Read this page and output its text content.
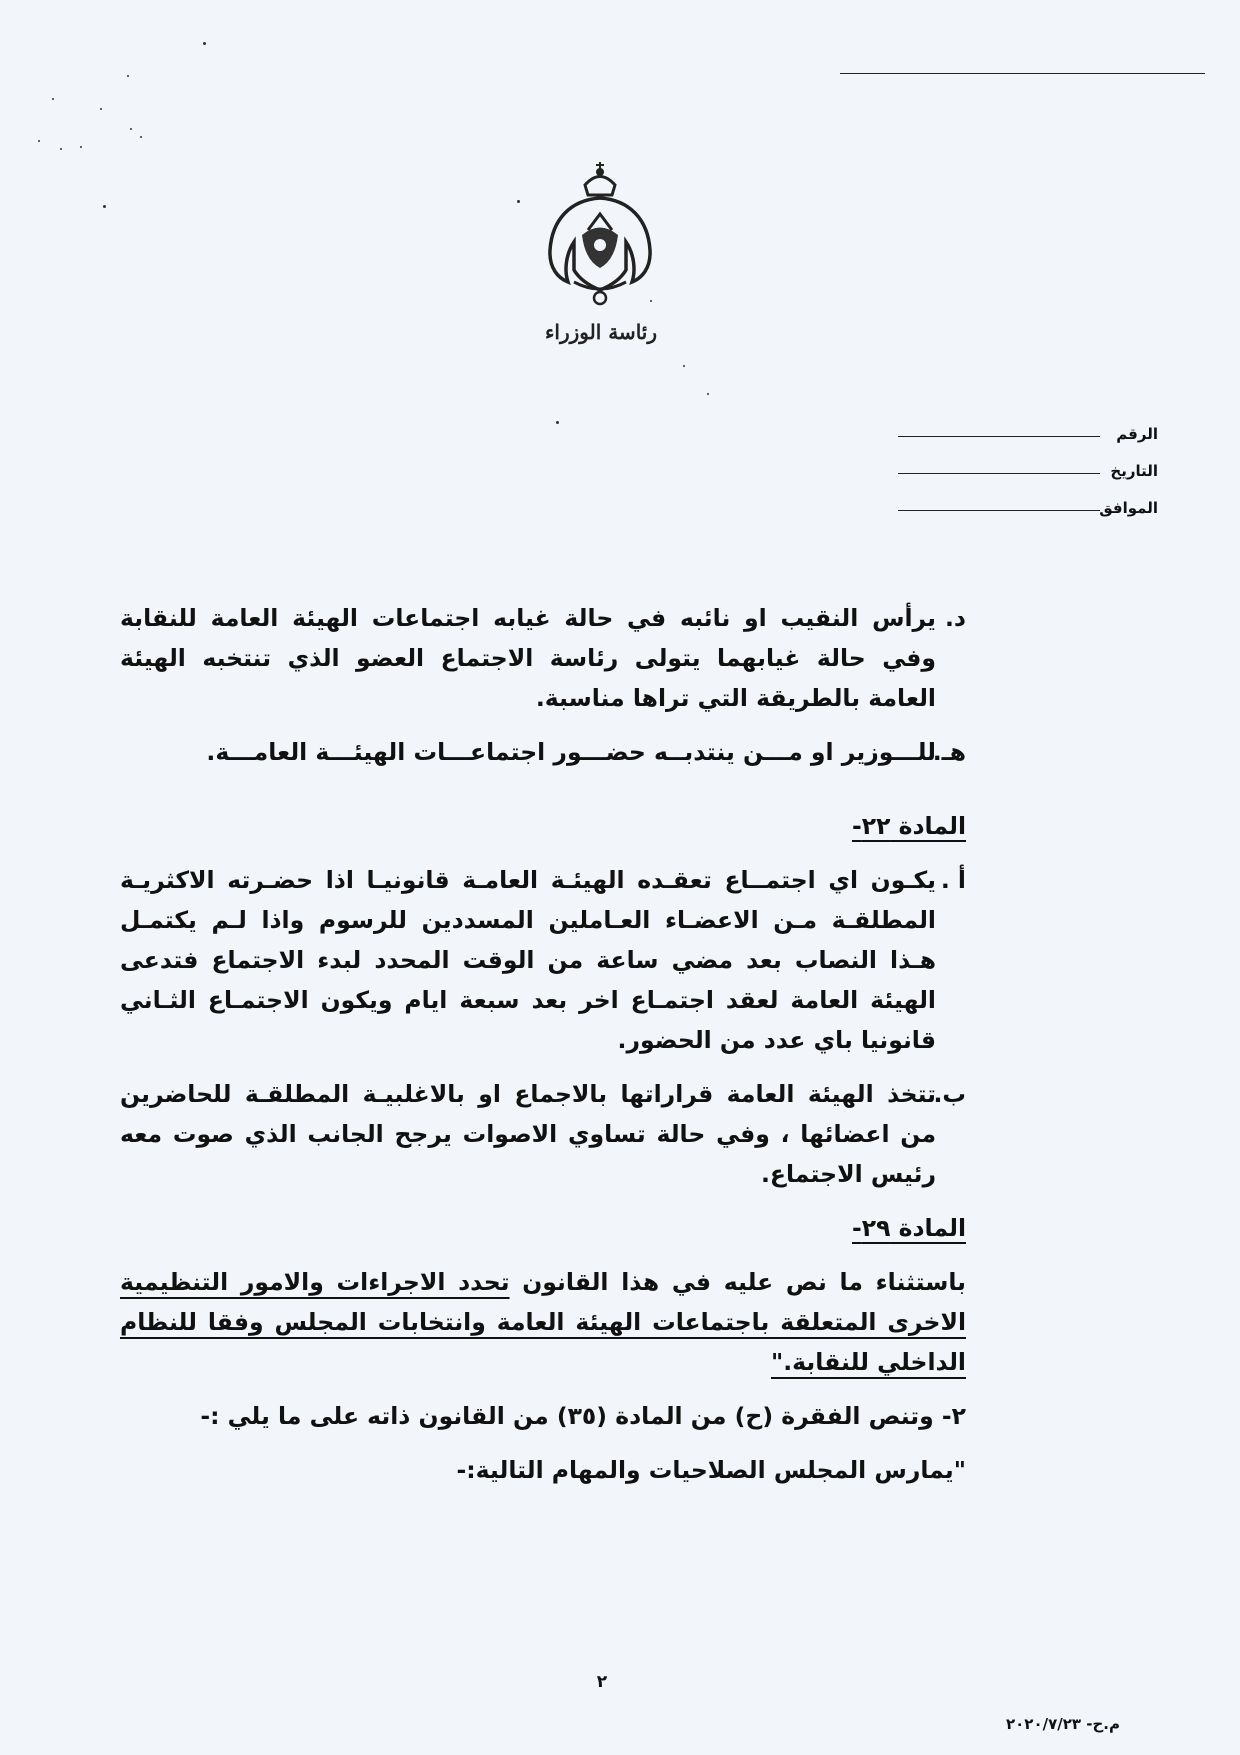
رئاسة الوزراء
الرقم
التاريخ
الموافق
د.
يرأس النقيب او نائبه في حالة غيابه اجتماعات الهيئة العامة للنقابة وفي حالة غيابهما يتولى رئاسة الاجتماع العضو الذي تنتخبه الهيئة العامة بالطريقة التي تراها مناسبة.
هـ.
للـــوزير او مـــن ينتدبــه حضـــور اجتماعـــات الهيئـــة العامـــة.
المادة ٢٢-
أ .
يكـون اي اجتمــاع تعقـده الهيئـة العامـة قانونيـا اذا حضـرته الاكثريـة المطلقـة مـن الاعضـاء العـاملين المسددين للرسوم واذا لـم يكتمـل هـذا النصاب بعد مضي ساعة من الوقت المحدد لبدء الاجتماع فتدعى الهيئة العامة لعقد اجتمـاع اخر بعد سبعة ايام ويكون الاجتمـاع الثـاني قانونيا باي عدد من الحضور.
ب.
تتخذ الهيئة العامة قراراتها بالاجماع او بالاغلبيـة المطلقـة للحاضرين من اعضائها ، وفي حالة تساوي الاصوات يرجح الجانب الذي صوت معه رئيس الاجتماع.
المادة ٢٩-

باستثناء ما نص عليه في هذا القانون تحدد الاجراءات والامور التنظيمية الاخرى المتعلقة باجتماعات الهيئة العامة وانتخابات المجلس وفقا للنظام الداخلي للنقابة."

٢- وتنص الفقرة (ح) من المادة (٣٥) من القانون ذاته على ما يلي :-

"يمارس المجلس الصلاحيات والمهام التالية:-

٢
م.ح- ٢٠٢٠/٧/٢٣
